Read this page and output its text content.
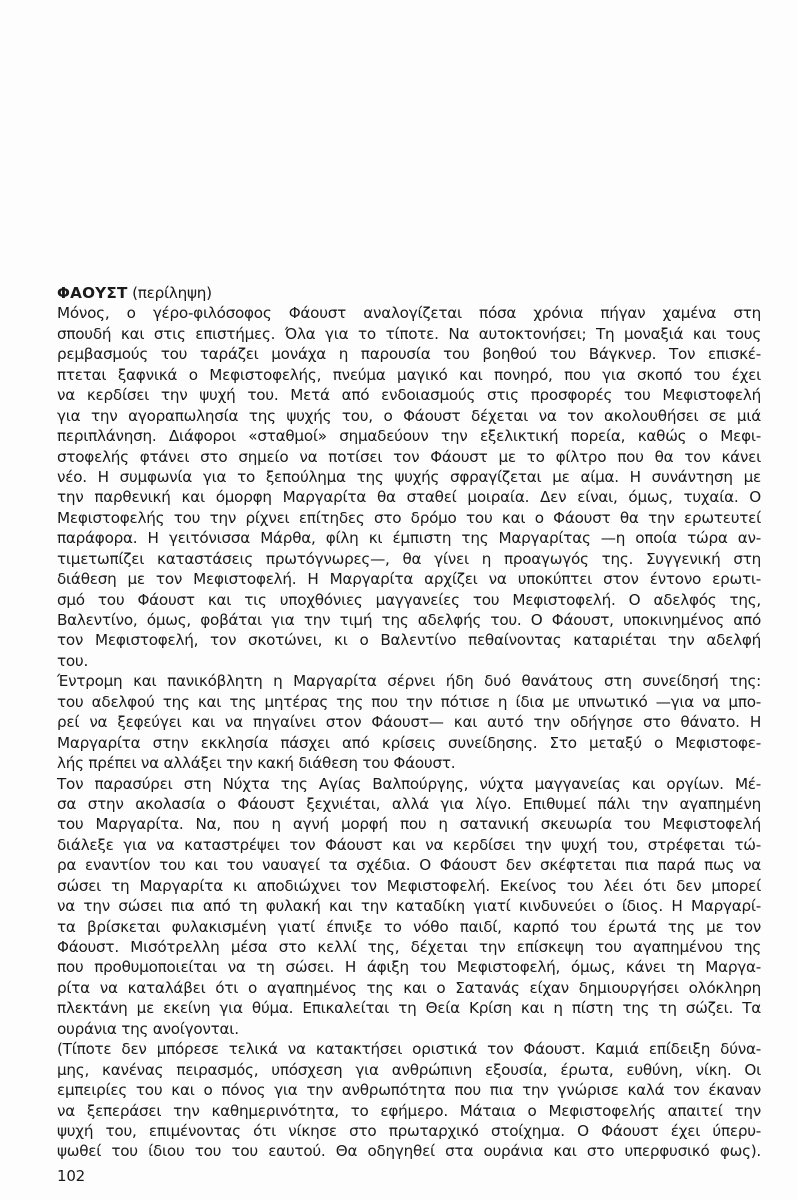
ΦΑΟΥΣΤ (περίληψη)
Μόνος, ο γέρο-φιλόσοφος Φάουστ αναλογίζεται πόσα χρόνια πήγαν χαμένα στη
σπουδή και στις επιστήμες. Όλα για το τίποτε. Να αυτοκτονήσει; Τη μοναξιά και τους
ρεμβασμούς του ταράζει μονάχα η παρουσία του βοηθού του Βάγκνερ. Τον επισκέ-
πτεται ξαφνικά ο Μεφιστοφελής, πνεύμα μαγικό και πονηρό, που για σκοπό του έχει
να κερδίσει την ψυχή του. Μετά από ενδοιασμούς στις προσφορές του Μεφιστοφελή
για την αγοραπωλησία της ψυχής του, ο Φάουστ δέχεται να τον ακολουθήσει σε μιά
περιπλάνηση. Διάφοροι «σταθμοί» σημαδεύουν την εξελικτική πορεία, καθώς ο Μεφι-
στοφελής φτάνει στο σημείο να ποτίσει τον Φάουστ με το φίλτρο που θα τον κάνει
νέο. Η συμφωνία για το ξεπούλημα της ψυχής σφραγίζεται με αίμα. Η συνάντηση με
την παρθενική και όμορφη Μαργαρίτα θα σταθεί μοιραία. Δεν είναι, όμως, τυχαία. Ο
Μεφιστοφελής του την ρίχνει επίτηδες στο δρόμο του και ο Φάουστ θα την ερωτευτεί
παράφορα. Η γειτόνισσα Μάρθα, φίλη κι έμπιστη της Μαργαρίτας —η οποία τώρα αν-
τιμετωπίζει καταστάσεις πρωτόγνωρες—, θα γίνει η προαγωγός της. Συγγενική στη
διάθεση με τον Μεφιστοφελή. Η Μαργαρίτα αρχίζει να υποκύπτει στον έντονο ερωτι-
σμό του Φάουστ και τις υποχθόνιες μαγγανείες του Μεφιστοφελή. Ο αδελφός της,
Βαλεντίνο, όμως, φοβάται για την τιμή της αδελφής του. Ο Φάουστ, υποκινημένος από
τον Μεφιστοφελή, τον σκοτώνει, κι ο Βαλεντίνο πεθαίνοντας καταριέται την αδελφή
του.
Έντρομη και πανικόβλητη η Μαργαρίτα σέρνει ήδη δυό θανάτους στη συνείδησή της:
του αδελφού της και της μητέρας της που την πότισε η ίδια με υπνωτικό —για να μπο-
ρεί να ξεφεύγει και να πηγαίνει στον Φάουστ— και αυτό την οδήγησε στο θάνατο. Η
Μαργαρίτα στην εκκλησία πάσχει από κρίσεις συνείδησης. Στο μεταξύ ο Μεφιστοφε-
λής πρέπει να αλλάξει την κακή διάθεση του Φάουστ.
Τον παρασύρει στη Νύχτα της Αγίας Βαλπούργης, νύχτα μαγγανείας και οργίων. Μέ-
σα στην ακολασία ο Φάουστ ξεχνιέται, αλλά για λίγο. Επιθυμεί πάλι την αγαπημένη
του Μαργαρίτα. Να, που η αγνή μορφή που η σατανική σκευωρία του Μεφιστοφελή
διάλεξε για να καταστρέψει τον Φάουστ και να κερδίσει την ψυχή του, στρέφεται τώ-
ρα εναντίον του και του ναυαγεί τα σχέδια. Ο Φάουστ δεν σκέφτεται πια παρά πως να
σώσει τη Μαργαρίτα κι αποδιώχνει τον Μεφιστοφελή. Εκείνος του λέει ότι δεν μπορεί
να την σώσει πια από τη φυλακή και την καταδίκη γιατί κινδυνεύει ο ίδιος. Η Μαργαρί-
τα βρίσκεται φυλακισμένη γιατί έπνιξε το νόθο παιδί, καρπό του έρωτά της με τον
Φάουστ. Μισότρελλη μέσα στο κελλί της, δέχεται την επίσκεψη του αγαπημένου της
που προθυμοποιείται να τη σώσει. Η άφιξη του Μεφιστοφελή, όμως, κάνει τη Μαργα-
ρίτα να καταλάβει ότι ο αγαπημένος της και ο Σατανάς είχαν δημιουργήσει ολόκληρη
πλεκτάνη με εκείνη για θύμα. Επικαλείται τη Θεία Κρίση και η πίστη της τη σώζει. Τα
ουράνια της ανοίγονται.
(Τίποτε δεν μπόρεσε τελικά να κατακτήσει οριστικά τον Φάουστ. Καμιά επίδειξη δύνα-
μης, κανένας πειρασμός, υπόσχεση για ανθρώπινη εξουσία, έρωτα, ευθύνη, νίκη. Οι
εμπειρίες του και ο πόνος για την ανθρωπότητα που πια την γνώρισε καλά τον έκαναν
να ξεπεράσει την καθημερινότητα, το εφήμερο. Μάταια ο Μεφιστοφελής απαιτεί την
ψυχή του, επιμένοντας ότι νίκησε στο πρωταρχικό στοίχημα. Ο Φάουστ έχει ύπερυ-
ψωθεί του ίδιου του του εαυτού. Θα οδηγηθεί στα ουράνια και στο υπερφυσικό φως).
102
